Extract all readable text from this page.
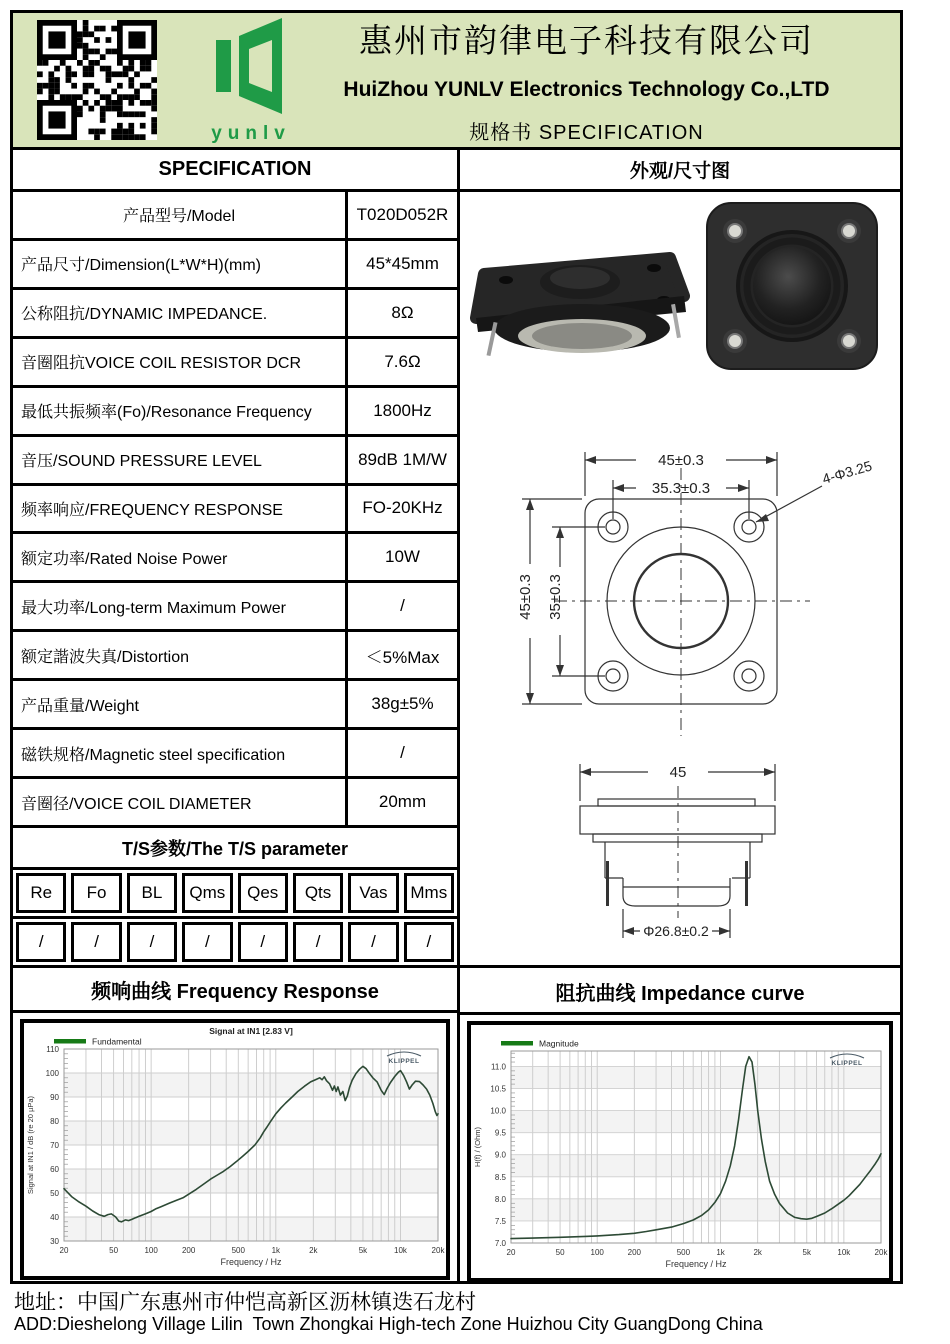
yunlv
惠州市韵律电子科技有限公司
HuiZhou YUNLV Electronics Technology Co.,LTD
规格书 SPECIFICATION
SPECIFICATION
产品型号/Model	T020D052R
产品尺寸/Dimension(L*W*H)(mm)	45*45mm
公称阻抗/DYNAMIC IMPEDANCE.	8Ω
音圈阻抗VOICE COIL RESISTOR DCR	7.6Ω
最低共振频率(Fo)/Resonance Frequency	1800Hz
音压/SOUND PRESSURE LEVEL	89dB 1M/W
频率响应/FREQUENCY RESPONSE	FO-20KHz
额定功率/Rated Noise Power	10W
最大功率/Long-term Maximum Power	/
额定諧波失真/Distortion	＜5%Max
产品重量/Weight	38g±5%
磁铁规格/Magnetic steel specification	/
音圈径/VOICE COIL DIAMETER	20mm
T/S参数/The T/S parameter
Re	Fo	BL	Qms	Qes	Qts	Vas	Mms
/	/	/	/	/	/	/	/
频响曲线 Frequency Response
30
40
50
60
70
80
90
100
110
20	50	100	200	500	1k	2k	5k	10k	20k
Frequency / Hz
Signal at IN1 / dB (re 20 µPa)
Signal at IN1 [2.83 V]
Fundamental
KLIPPEL
外观/尺寸图
45±0.3
35.3±0.3
4-Φ3.25
45±0.3 35±0.3
45
Φ26.8±0.2
阻抗曲线 Impedance curve
7.0
7.5
8.0
8.5
9.0
9.5
10.0
10.5
11.0
20	50	100	200	500	1k	2k	5k	10k	20k
Frequency / Hz
H(f) / (Ohm)
Magnitude
KLIPPEL
地址：中国广东惠州市仲恺高新区沥林镇迭石龙村
ADD:Dieshelong Village Lilin  Town Zhongkai High-tech Zone Huizhou City GuangDong China
